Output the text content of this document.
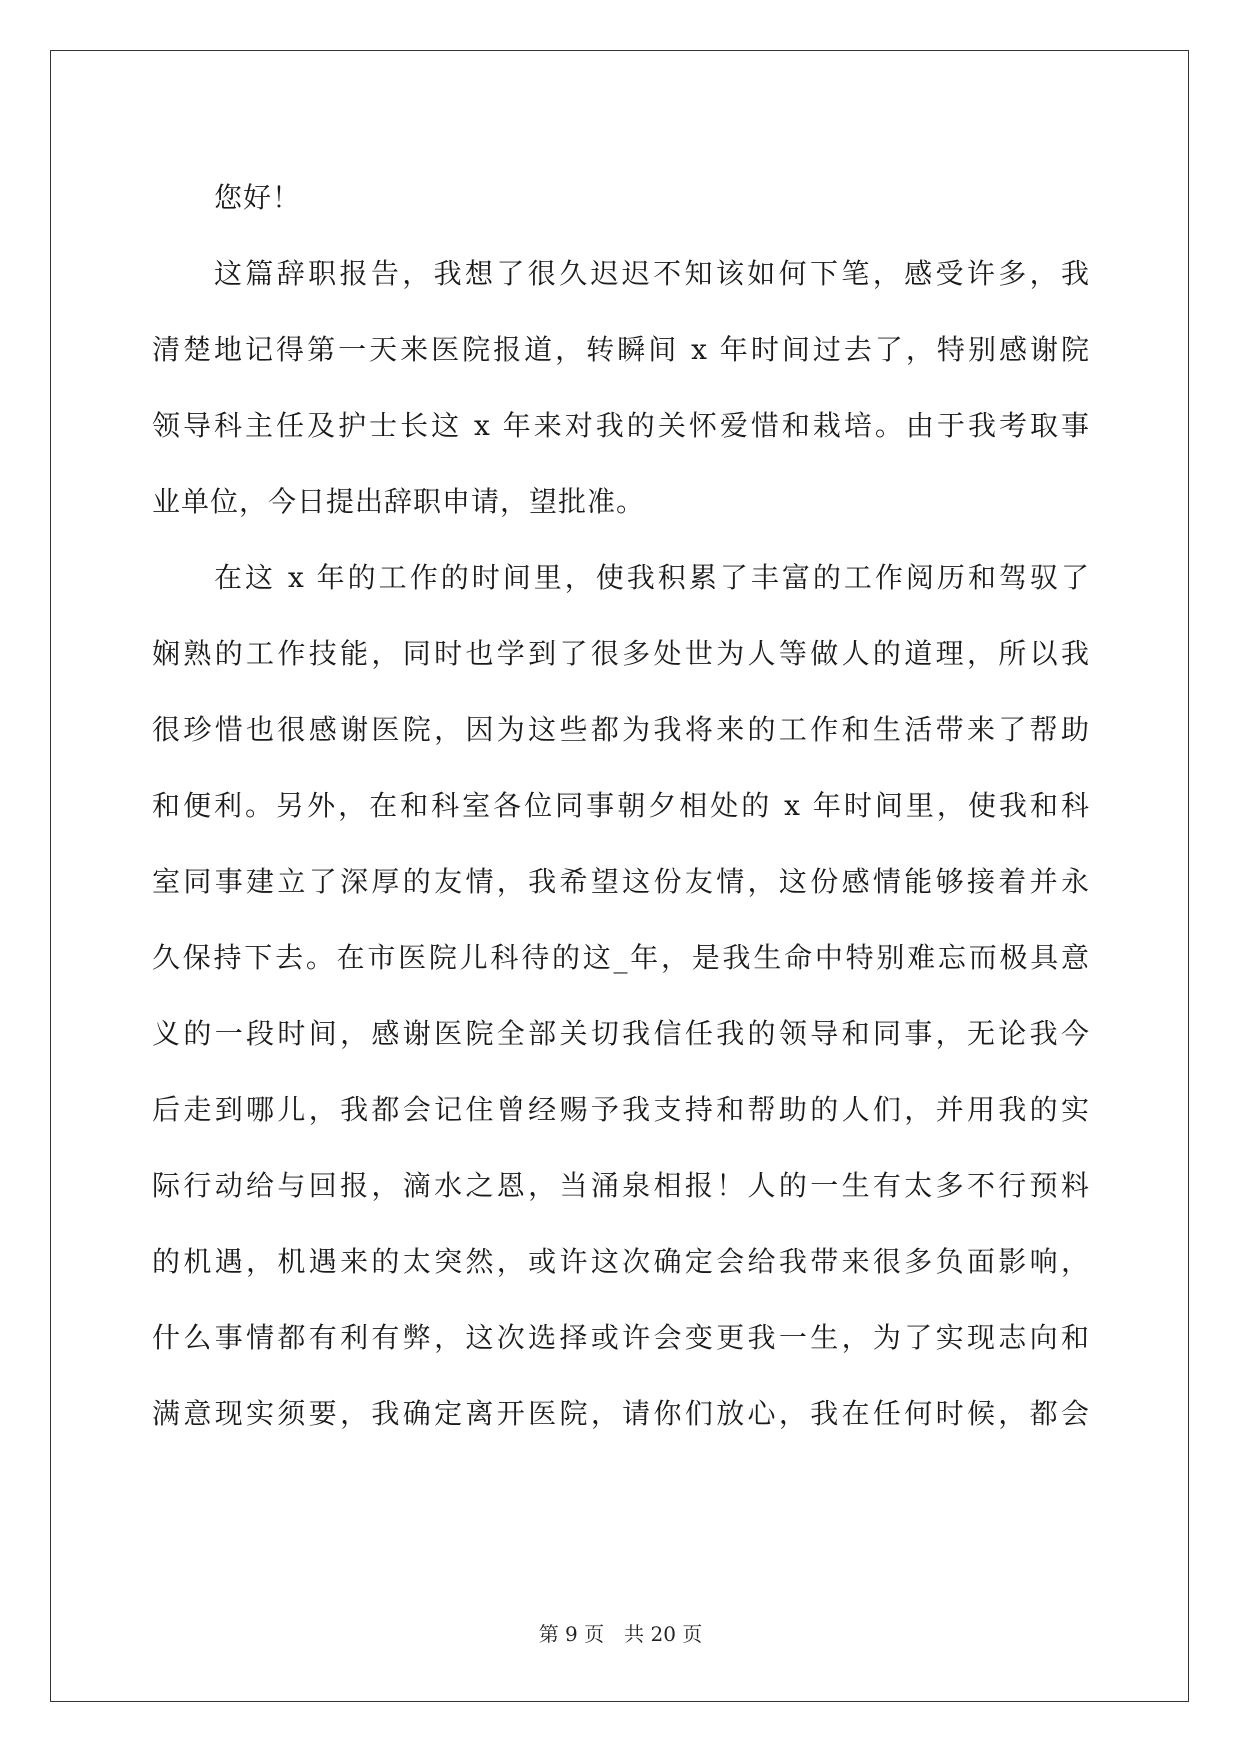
您好！
这篇辞职报告，我想了很久迟迟不知该如何下笔，感受许多，我
清楚地记得第一天来医院报道，转瞬间 x 年时间过去了，特别感谢院
领导科主任及护士长这 x 年来对我的关怀爱惜和栽培。由于我考取事
业单位，今日提出辞职申请，望批准。
在这 x 年的工作的时间里，使我积累了丰富的工作阅历和驾驭了
娴熟的工作技能，同时也学到了很多处世为人等做人的道理，所以我
很珍惜也很感谢医院，因为这些都为我将来的工作和生活带来了帮助
和便利。另外，在和科室各位同事朝夕相处的 x 年时间里，使我和科
室同事建立了深厚的友情，我希望这份友情，这份感情能够接着并永
久保持下去。在市医院儿科待的这_年，是我生命中特别难忘而极具意
义的一段时间，感谢医院全部关切我信任我的领导和同事，无论我今
后走到哪儿，我都会记住曾经赐予我支持和帮助的人们，并用我的实
际行动给与回报，滴水之恩，当涌泉相报！人的一生有太多不行预料
的机遇，机遇来的太突然，或许这次确定会给我带来很多负面影响，
什么事情都有利有弊，这次选择或许会变更我一生，为了实现志向和
满意现实须要，我确定离开医院，请你们放心，我在任何时候，都会
第 9 页　共 20 页
